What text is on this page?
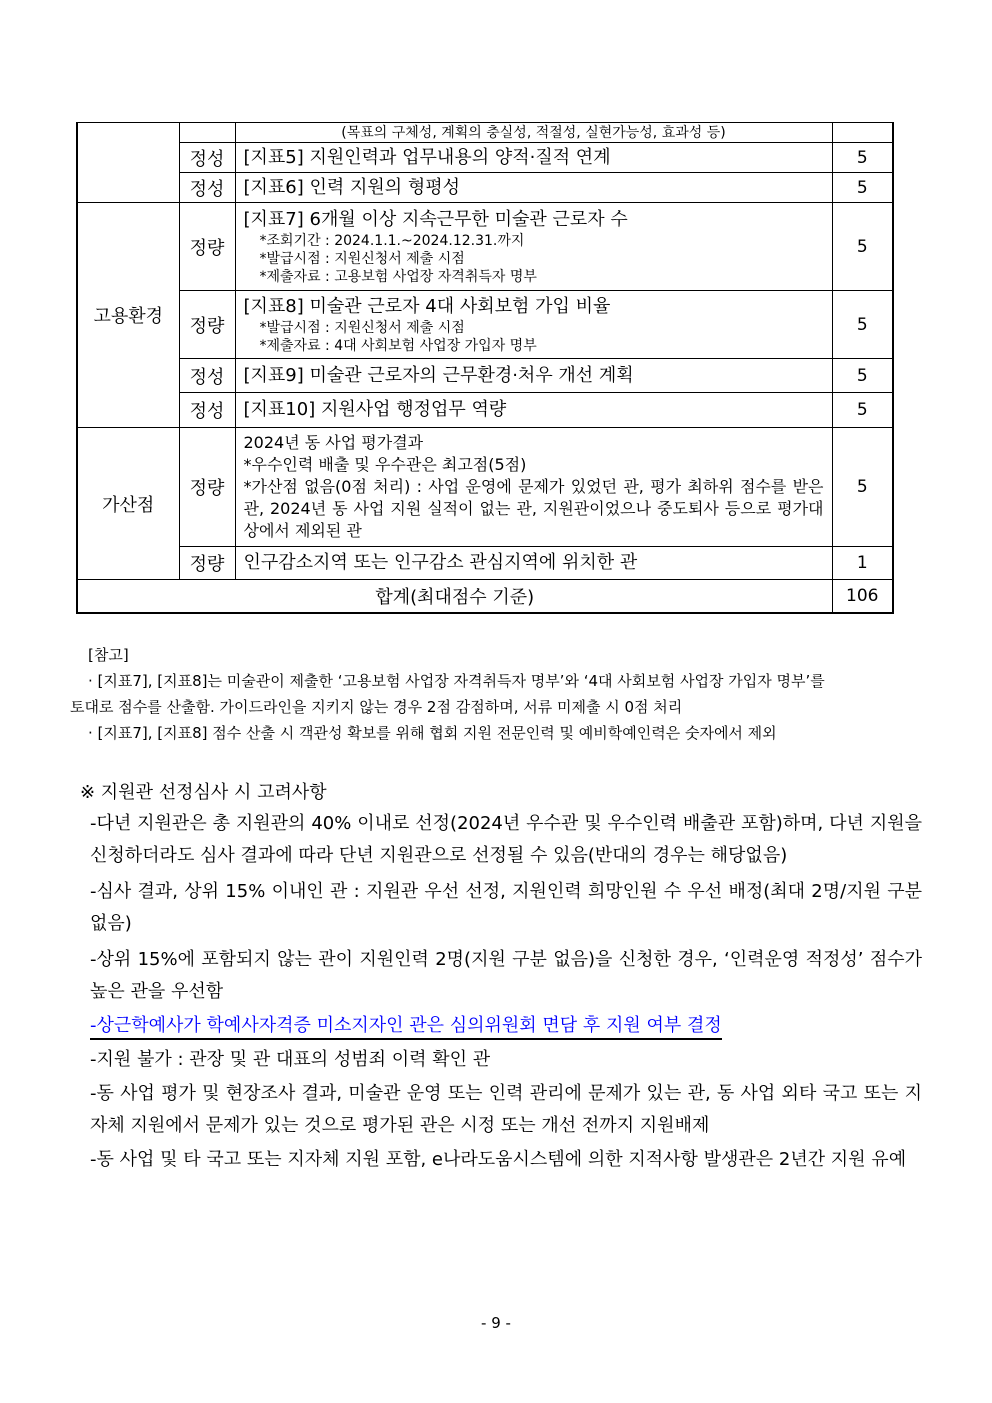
		(목표의 구체성, 계획의 충실성, 적절성, 실현가능성, 효과성 등)	
	정성	[지표5] 지원인력과 업무내용의 양적·질적 연계	5
	정성	[지표6] 인력 지원의 형평성	5
고용환경	정량	[지표7] 6개월 이상 지속근무한 미술관 근로자 수
*조회기간 : 2024.1.1.~2024.12.31.까지
*발급시점 : 지원신청서 제출 시점
*제출자료 : 고용보험 사업장 자격취득자 명부	5
	정량	[지표8] 미술관 근로자 4대 사회보험 가입 비율
*발급시점 : 지원신청서 제출 시점
*제출자료 : 4대 사회보험 사업장 가입자 명부	5
	정성	[지표9] 미술관 근로자의 근무환경·처우 개선 계획	5
	정성	[지표10] 지원사업 행정업무 역량	5
가산점	정량	2024년 동 사업 평가결과
*우수인력 배출 및 우수관은 최고점(5점)
*가산점 없음(0점 처리) : 사업 운영에 문제가 있었던 관, 평가 최하위 점수를 받은 관, 2024년 동 사업 지원 실적이 없는 관, 지원관이었으나 중도퇴사 등으로 평가대상에서 제외된 관	5
	정량	인구감소지역 또는 인구감소 관심지역에 위치한 관	1
합계(최대점수 기준)			106
[참고]
· [지표7], [지표8]는 미술관이 제출한 ‘고용보험 사업장 자격취득자 명부’와 ‘4대 사회보험 사업장 가입자 명부’를
토대로 점수를 산출함. 가이드라인을 지키지 않는 경우 2점 감점하며, 서류 미제출 시 0점 처리
· [지표7], [지표8] 점수 산출 시 객관성 확보를 위해 협회 지원 전문인력 및 예비학예인력은 숫자에서 제외
※ 지원관 선정심사 시 고려사항
-다년 지원관은 총 지원관의 40% 이내로 선정(2024년 우수관 및 우수인력 배출관 포함)하며, 다년 지원을 신청하더라도 심사 결과에 따라 단년 지원관으로 선정될 수 있음(반대의 경우는 해당없음)
-심사 결과, 상위 15% 이내인 관 : 지원관 우선 선정, 지원인력 희망인원 수 우선 배정(최대 2명/지원 구분 없음)
-상위 15%에 포함되지 않는 관이 지원인력 2명(지원 구분 없음)을 신청한 경우, ‘인력운영 적정성’ 점수가 높은 관을 우선함
-상근학예사가 학예사자격증 미소지자인 관은 심의위원회 면담 후 지원 여부 결정
-지원 불가 : 관장 및 관 대표의 성범죄 이력 확인 관
-동 사업 평가 및 현장조사 결과, 미술관 운영 또는 인력 관리에 문제가 있는 관, 동 사업 외타 국고 또는 지자체 지원에서 문제가 있는 것으로 평가된 관은 시정 또는 개선 전까지 지원배제
-동 사업 및 타 국고 또는 지자체 지원 포함, e나라도움시스템에 의한 지적사항 발생관은 2년간 지원 유예
- 9 -
